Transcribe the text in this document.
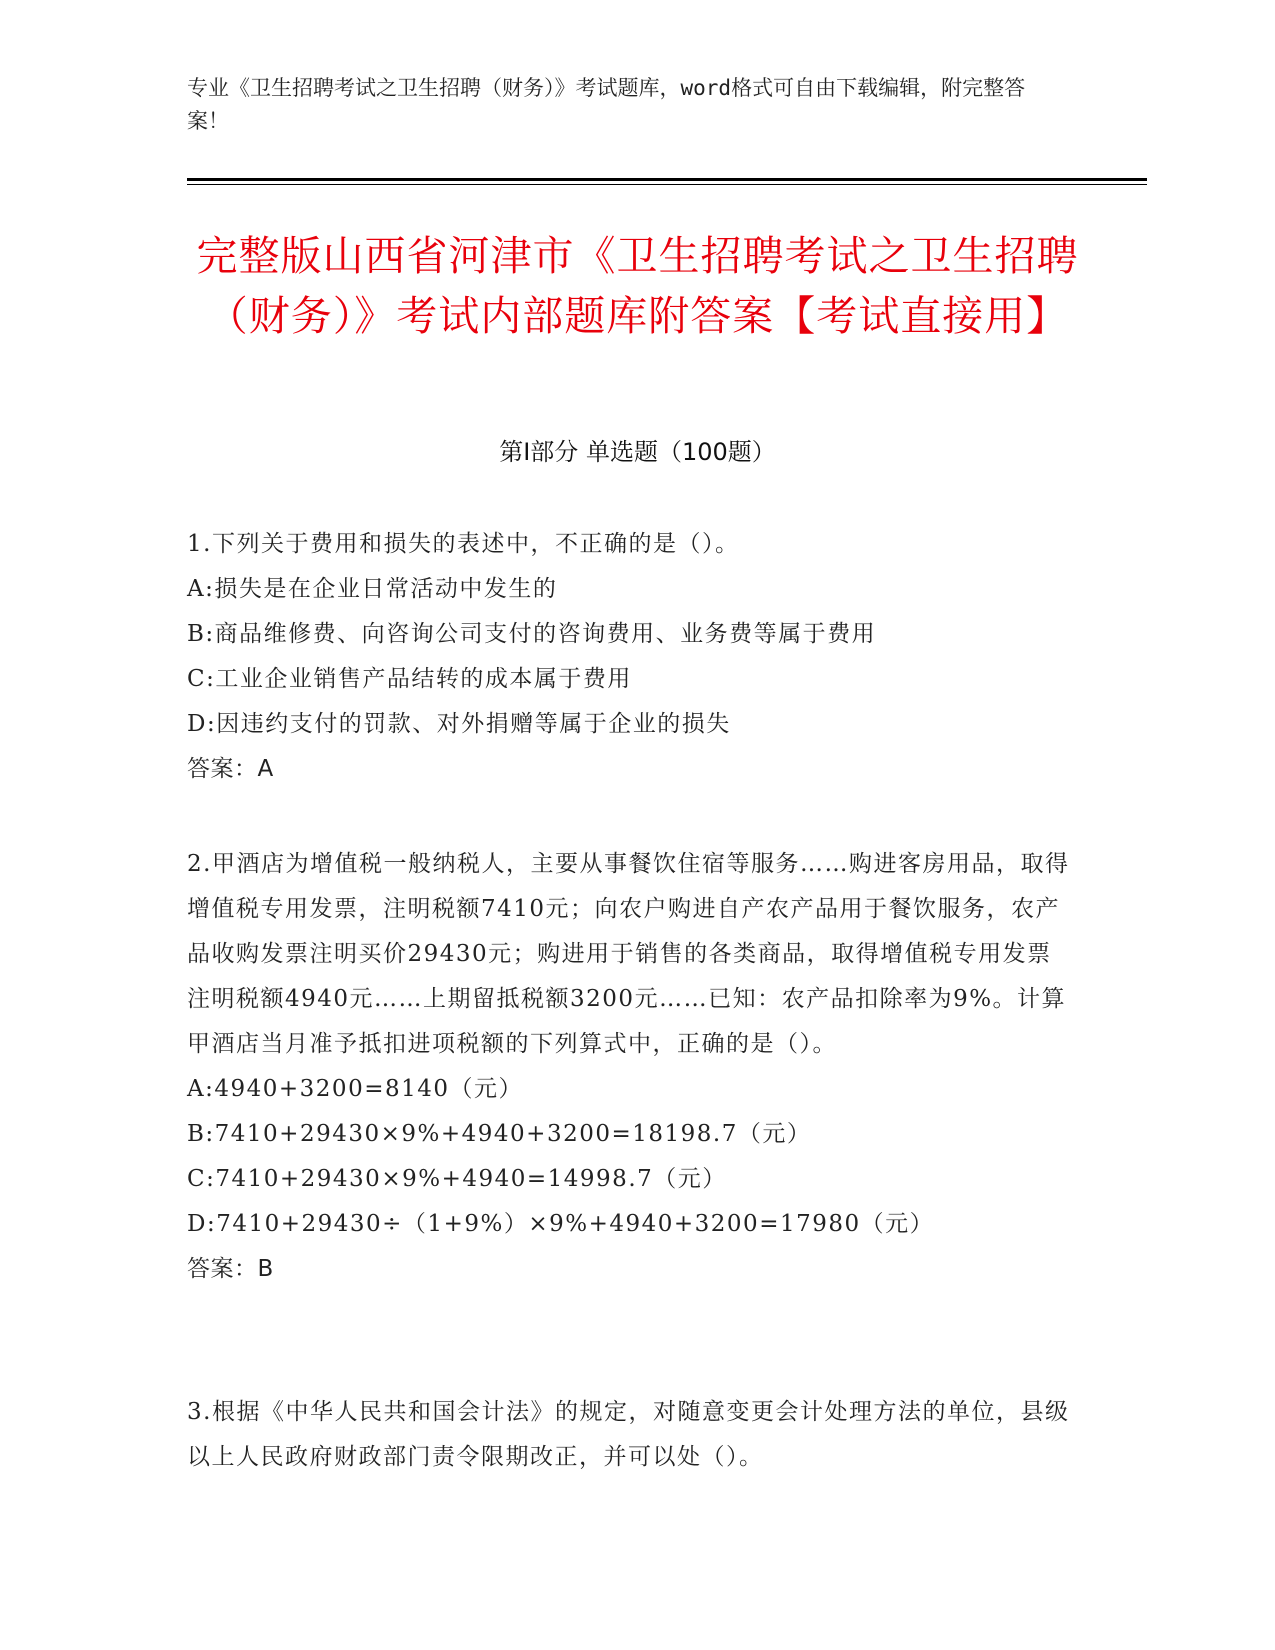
专业《卫生招聘考试之卫生招聘（财务）》考试题库，word格式可自由下载编辑，附完整答案！
完整版山西省河津市《卫生招聘考试之卫生招聘（财务）》考试内部题库附答案【考试直接用】
第Ⅰ部分 单选题（100题）

1.下列关于费用和损失的表述中，不正确的是（）。

A:损失是在企业日常活动中发生的

B:商品维修费、向咨询公司支付的咨询费用、业务费等属于费用

C:工业企业销售产品结转的成本属于费用

D:因违约支付的罚款、对外捐赠等属于企业的损失

答案：A

2.甲酒店为增值税一般纳税人，主要从事餐饮住宿等服务……购进客房用品，取得增值税专用发票，注明税额7410元；向农户购进自产农产品用于餐饮服务，农产品收购发票注明买价29430元；购进用于销售的各类商品，取得增值税专用发票注明税额4940元……上期留抵税额3200元……已知：农产品扣除率为9%。计算甲酒店当月准予抵扣进项税额的下列算式中，正确的是（）。

A:4940+3200=8140（元）

B:7410+29430×9%+4940+3200=18198.7（元）

C:7410+29430×9%+4940=14998.7（元）

D:7410+29430÷（1+9%）×9%+4940+3200=17980（元）

答案：B

3.根据《中华人民共和国会计法》的规定，对随意变更会计处理方法的单位，县级以上人民政府财政部门责令限期改正，并可以处（）。
